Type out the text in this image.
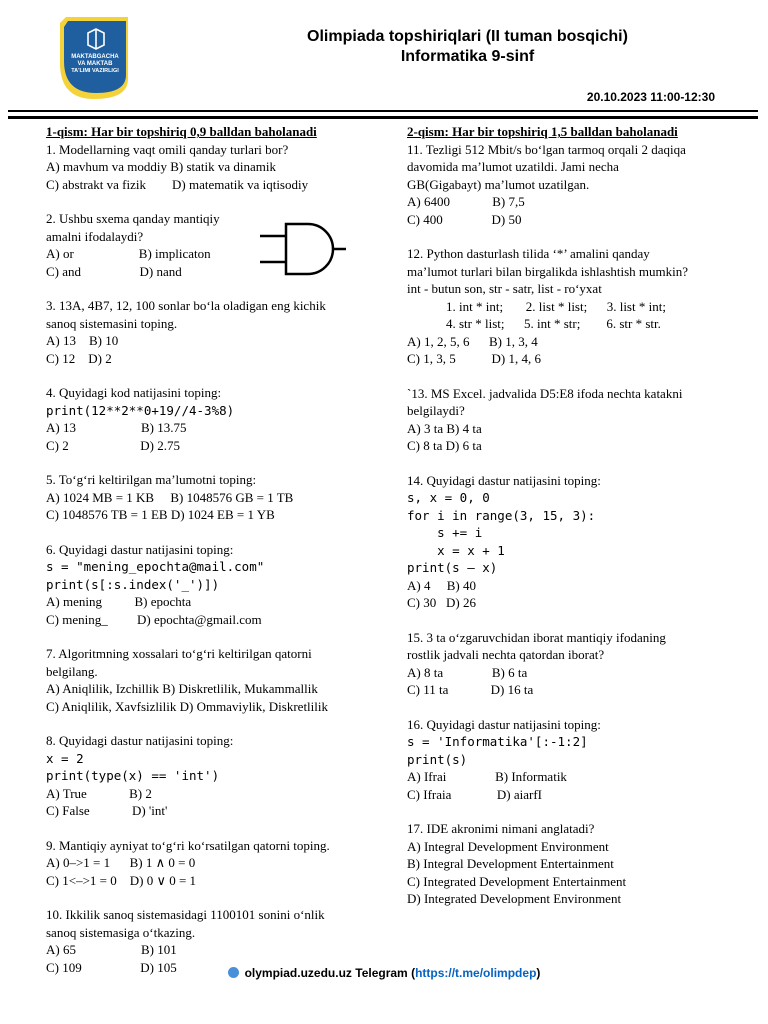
MAKTABGACHA
VA MAKTAB
TA'LIMI VAZIRLIGI
Olimpiada topshiriqlari (II tuman bosqichi)
Informatika 9-sinf
20.10.2023 11:00-12:30
1-qism: Har bir topshiriq 0,9 balldan baholanadi
1. Modellarning vaqt omili qanday turlari bor?
A) mavhum va moddiy B) statik va dinamik
C) abstrakt va fizik        D) matematik va iqtisodiy
2. Ushbu sxema qanday mantiqiy
amalni ifodalaydi?
A) or                    B) implicaton
C) and                  D) nand
3. 13A, 4B7, 12, 100 sonlar bo‘la oladigan eng kichik
sanoq sistemasini toping.
A) 13    B) 10
C) 12    D) 2
4. Quyidagi kod natijasini toping:
print(12**2**0+19//4-3%8)
A) 13                    B) 13.75
C) 2                      D) 2.75
5. To‘g‘ri keltirilgan ma’lumotni toping:
A) 1024 MB = 1 KB     B) 1048576 GB = 1 TB
C) 1048576 TB = 1 EB D) 1024 EB = 1 YB
6. Quyidagi dastur natijasini toping:
s = "mening_epochta@mail.com"
print(s[:s.index('_')])
A) mening          B) epochta
C) mening_         D) epochta@gmail.com
7. Algoritmning xossalari to‘g‘ri keltirilgan qatorni
belgilang.
A) Aniqlilik, Izchillik B) Diskretlilik, Mukammallik
C) Aniqlilik, Xavfsizlilik D) Ommaviylik, Diskretlilik
8. Quyidagi dastur natijasini toping:
x = 2
print(type(x) == 'int')
A) True             B) 2
C) False             D) 'int'
9. Mantiqiy ayniyat to‘g‘ri ko‘rsatilgan qatorni toping.
A) 0–>1 = 1      B) 1 ∧ 0 = 0
C) 1<–>1 = 0    D) 0 ∨ 0 = 1
10. Ikkilik sanoq sistemasidagi 1100101 sonini o‘nlik
sanoq sistemasiga o‘tkazing.
A) 65                    B) 101
C) 109                  D) 105
2-qism: Har bir topshiriq 1,5 balldan baholanadi
11. Tezligi 512 Mbit/s bo‘lgan tarmoq orqali 2 daqiqa
davomida ma’lumot uzatildi. Jami necha
GB(Gigabayt) ma’lumot uzatilgan.
A) 6400             B) 7,5
C) 400               D) 50
12. Python dasturlash tilida ‘*’ amalini qanday
ma’lumot turlari bilan birgalikda ishlashtish mumkin?
int - butun son, str - satr, list - ro‘yxat
1. int * int;       2. list * list;      3. list * int;
4. str * list;      5. int * str;        6. str * str.
A) 1, 2, 5, 6      B) 1, 3, 4
C) 1, 3, 5           D) 1, 4, 6
`13. MS Excel. jadvalida D5:E8 ifoda nechta katakni
belgilaydi?
A) 3 ta B) 4 ta
C) 8 ta D) 6 ta
14. Quyidagi dastur natijasini toping:
s, x = 0, 0
for i in range(3, 15, 3):
s += i
x = x + 1
print(s – x)
A) 4     B) 40
C) 30   D) 26
15. 3 ta o‘zgaruvchidan iborat mantiqiy ifodaning
rostlik jadvali nechta qatordan iborat?
A) 8 ta               B) 6 ta
C) 11 ta             D) 16 ta
16. Quyidagi dastur natijasini toping:
s = 'Informatika'[:-1:2]
print(s)
A) Ifrai               B) Informatik
C) Ifraia              D) aiarfI
17. IDE akronimi nimani anglatadi?
A) Integral Development Environment
B) Integral Development Entertainment
C) Integrated Development Entertainment
D) Integrated Development Environment
olympiad.uzedu.uz Telegram (https://t.me/olimpdep)
